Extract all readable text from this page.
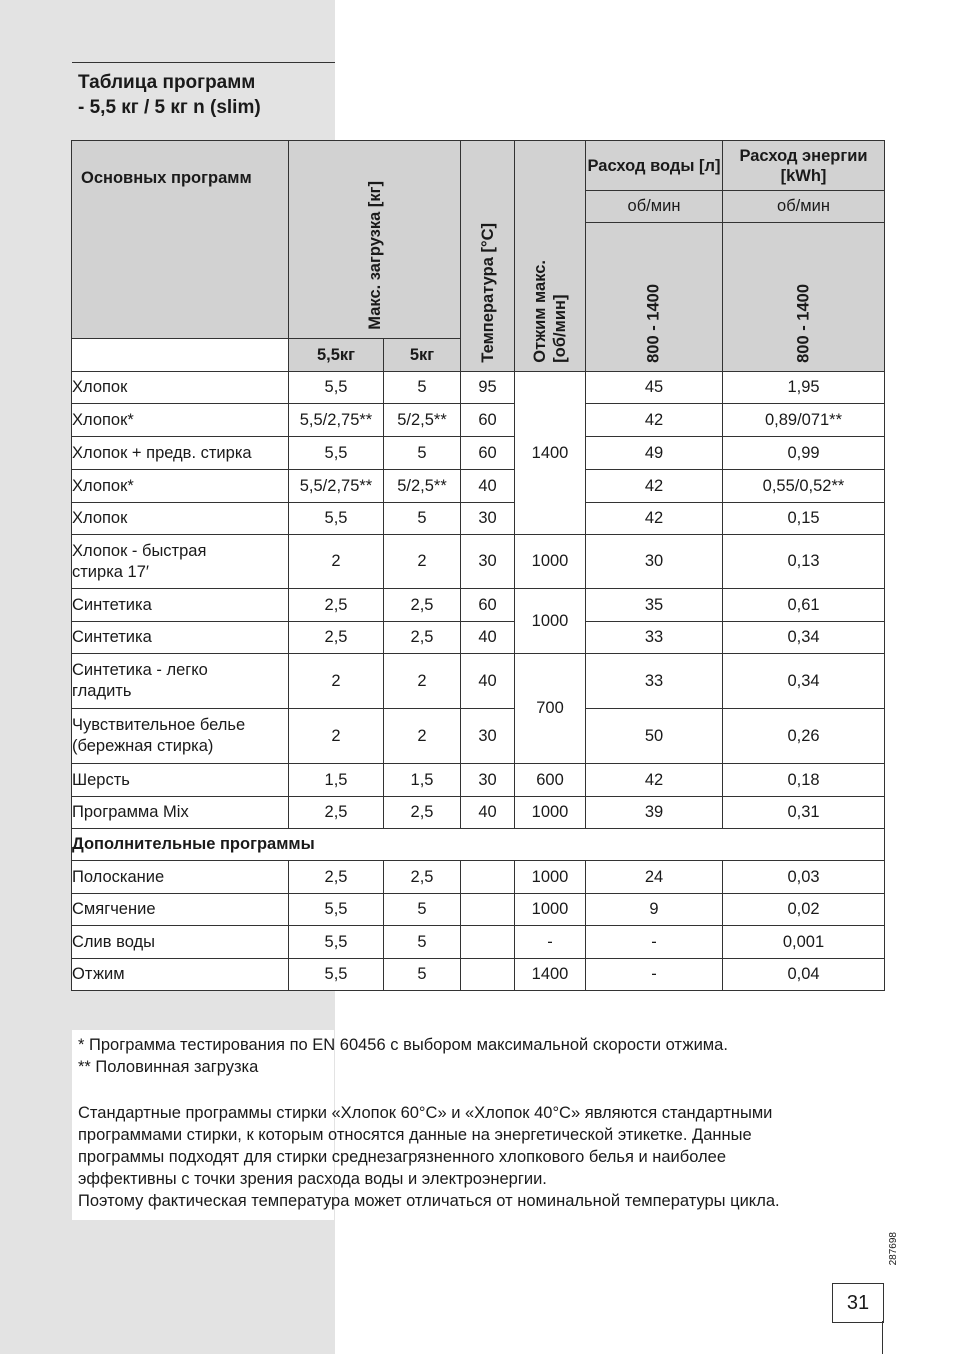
Таблица программ
- 5,5 кг / 5 кг n (slim)
Основных программ	Макс. загрузка [кг]		Температура [°C]	Отжим макс. [об/мин]	Расход воды [л]	Расход энергии [kWh]
					об/мин	об/мин

					800 - 1400	800 - 1400

	5,5кг	5кг				
Хлопок	5,5	5	95	1400	45	1,95
Хлопок*	5,5/2,75**	5/2,5**	60		42	0,89/071**
Хлопок + предв. стирка	5,5	5	60		49	0,99
Хлопок*	5,5/2,75**	5/2,5**	40		42	0,55/0,52**
Хлопок	5,5	5	30		42	0,15
Хлопок - быстрая
стирка 17′	2	2	30	1000	30	0,13
Синтетика	2,5	2,5	60	1000	35	0,61
Синтетика	2,5	2,5	40		33	0,34
Синтетика - легко
гладить	2	2	40	700	33	0,34
Чувствительное белье
(бережная стирка)	2	2	30		50	0,26
Шерсть	1,5	1,5	30	600	42	0,18
Программа Mix	2,5	2,5	40	1000	39	0,31
Дополнительные программы						
Полоскание	2,5	2,5		1000	24	0,03
Смягчение	5,5	5		1000	9	0,02
Слив воды	5,5	5		-	-	0,001
Отжим	5,5	5		1400	-	0,04

* Программа тестирования по EN 60456 с выбором максимальной скорости отжима.

** Половинная загрузка

Стандартные программы стирки «Хлопок 60°C» и «Хлопок 40°C» являются стандартными

программами стирки, к которым относятся данные на энергетической этикетке. Данные

программы подходят для стирки среднезагрязненного хлопкового белья и наиболее

эффективны с точки зрения расхода воды и электроэнергии.

Поэтому фактическая температура может отличаться от номинальной температуры цикла.

287698
31
